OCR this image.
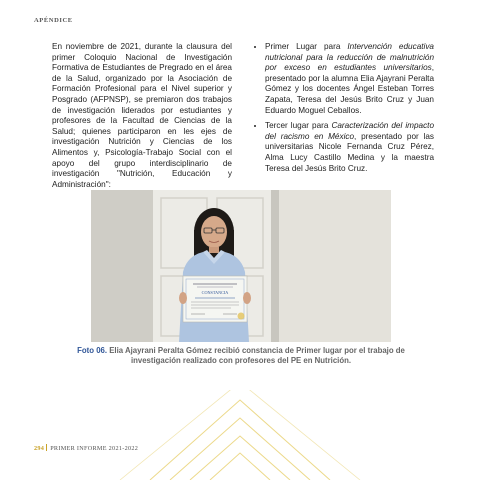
APÉNDICE
En noviembre de 2021, durante la clausura del primer Coloquio Nacional de Investigación Formativa de Estudiantes de Pregrado en el área de la Salud, organizado por la Asociación de Formación Profesional para el Nivel superior y Posgrado (AFPNSP), se premiaron dos trabajos de investigación liderados por estudiantes y profesores de la Facultad de Ciencias de la Salud; quienes participaron en les ejes de investigación Nutrición y Ciencias de los Alimentos y, Psicología-Trabajo Social con el apoyo del grupo interdisciplinario de investigación "Nutrición, Educación y Administración":
• Primer Lugar para Intervención educativa nutricional para la reducción de malnutrición por exceso en estudiantes universitarios, presentado por la alumna Elia Ajayrani Peralta Gómez y los docentes Ángel Esteban Torres Zapata, Teresa del Jesús Brito Cruz y Juan Eduardo Moguel Ceballos.
• Tercer lugar para Caracterización del impacto del racismo en México, presentado por las universitarias Nicole Fernanda Cruz Pérez, Alma Lucy Castillo Medina y la maestra Teresa del Jesús Brito Cruz.
CONSTANCIA
Foto 06. Elia Ajayrani Peralta Gómez recibió constancia de Primer lugar por el trabajo de investigación realizado con profesores del PE en Nutrición.
294 PRIMER INFORME 2021-2022
